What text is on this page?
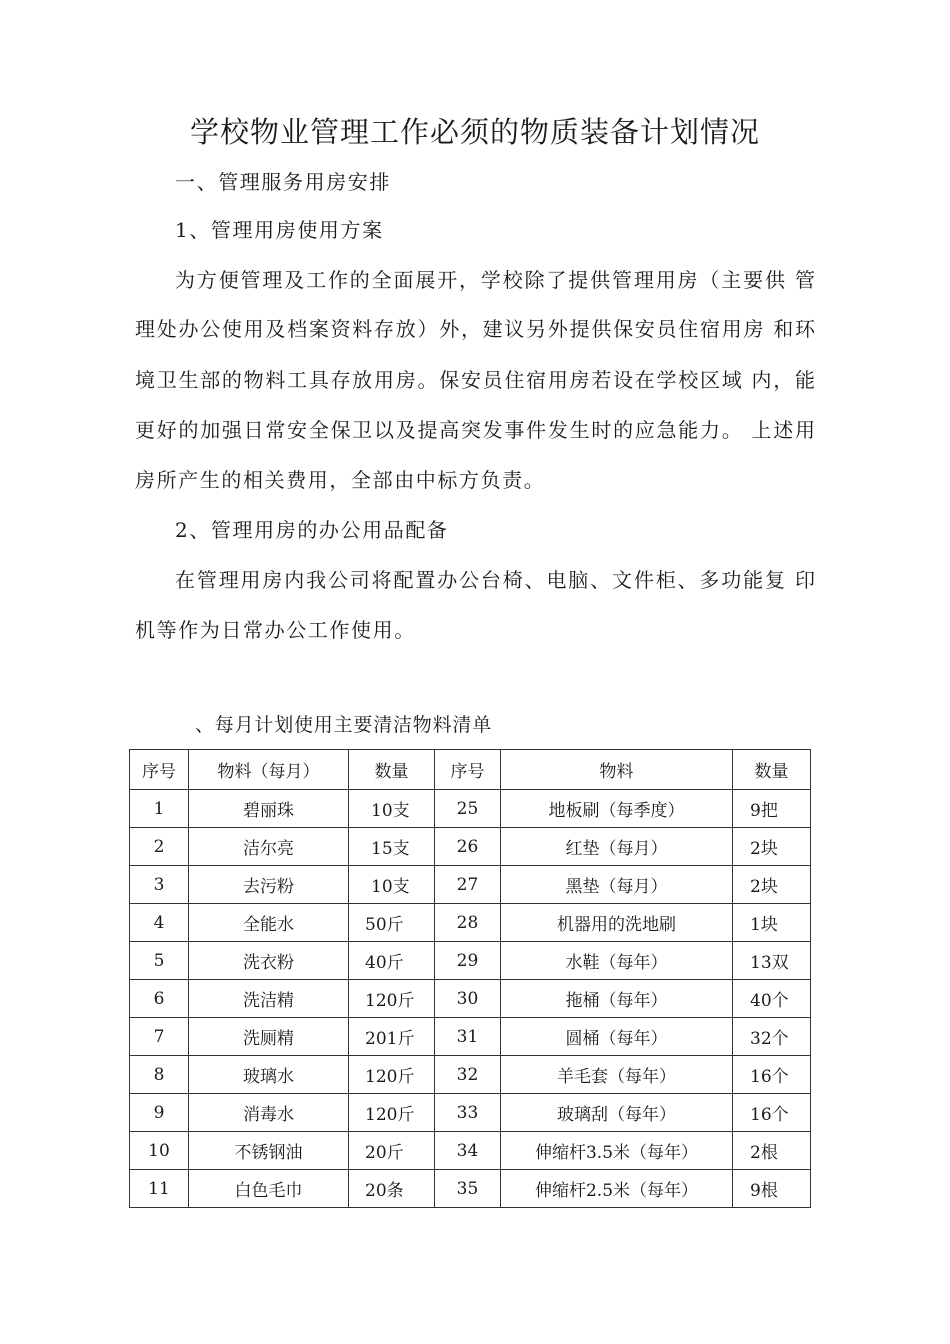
学校物业管理工作必须的物质装备计划情况
一、管理服务用房安排
1、管理用房使用方案
为方便管理及工作的全面展开，学校除了提供管理用房（主要供 管
理处办公使用及档案资料存放）外，建议另外提供保安员住宿用房 和环
境卫生部的物料工具存放用房。保安员住宿用房若设在学校区域 内，能
更好的加强日常安全保卫以及提高突发事件发生时的应急能力。 上述用
房所产生的相关费用，全部由中标方负责。
2、管理用房的办公用品配备
在管理用房内我公司将配置办公台椅、电脑、文件柜、多功能复 印
机等作为日常办公工作使用。
、每月计划使用主要清洁物料清单
序号	物料（每月）	数量	序号	物料	数量
1	碧丽珠	10支	25	地板刷（每季度）	9把
2	洁尔亮	15支	26	红垫（每月）	2块
3	去污粉	10支	27	黑垫（每月）	2块
4	全能水	50斤	28	机器用的洗地刷	1块
5	洗衣粉	40斤	29	水鞋（每年）	13双
6	洗洁精	120斤	30	拖桶（每年）	40个
7	洗厕精	201斤	31	圆桶（每年）	32个
8	玻璃水	120斤	32	羊毛套（每年）	16个
9	消毒水	120斤	33	玻璃刮（每年）	16个
10	不锈钢油	20斤	34	伸缩杆3.5米（每年）	2根
11	白色毛巾	20条	35	伸缩杆2.5米（每年）	9根
